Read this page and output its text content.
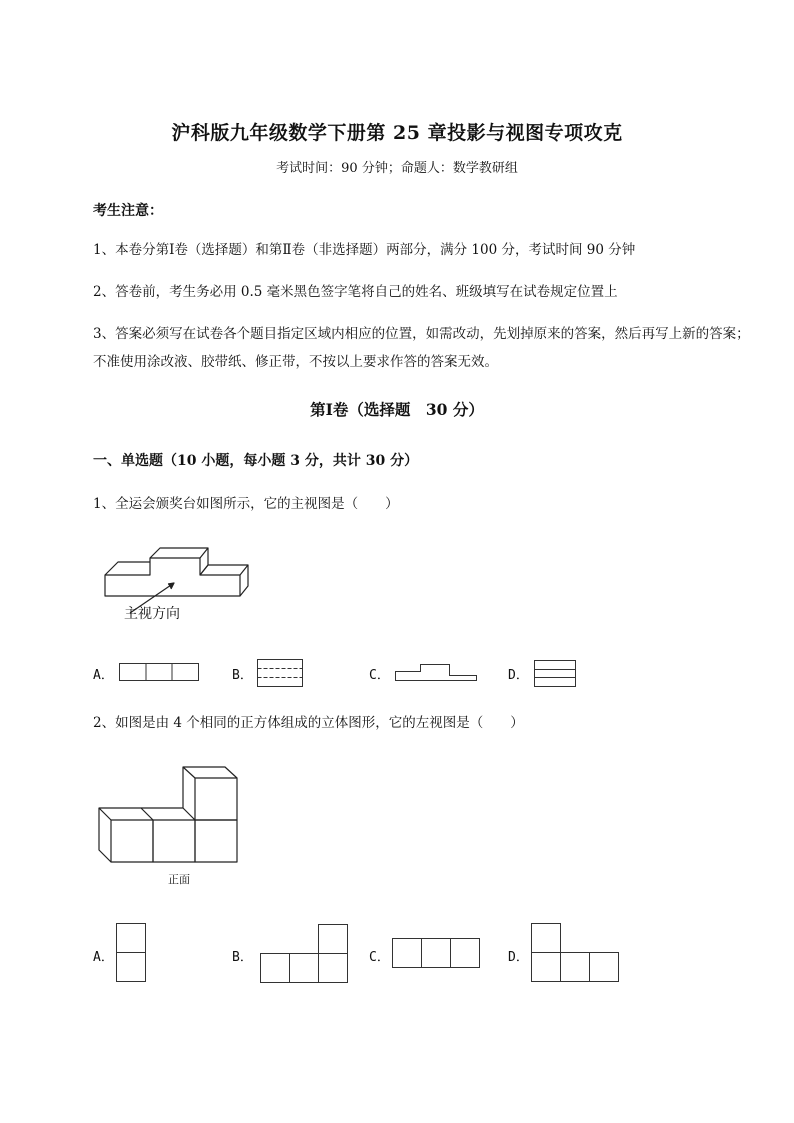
沪科版九年级数学下册第 25 章投影与视图专项攻克
考试时间：90 分钟；命题人：数学教研组
考生注意：
1、本卷分第Ⅰ卷（选择题）和第Ⅱ卷（非选择题）两部分，满分 100 分，考试时间 90 分钟
2、答卷前，考生务必用 0.5 毫米黑色签字笔将自己的姓名、班级填写在试卷规定位置上
3、答案必须写在试卷各个题目指定区域内相应的位置，如需改动，先划掉原来的答案，然后再写上新的答案；不准使用涂改液、胶带纸、修正带，不按以上要求作答的答案无效。
第Ⅰ卷（选择题　30 分）
一、单选题（10 小题，每小题 3 分，共计 30 分）
1、全运会颁奖台如图所示，它的主视图是（　　）
主视方向
A．	B．	C．	D．
2、如图是由 4 个相同的正方体组成的立体图形，它的左视图是（　　）
正面
A．	B．	C．	D．
